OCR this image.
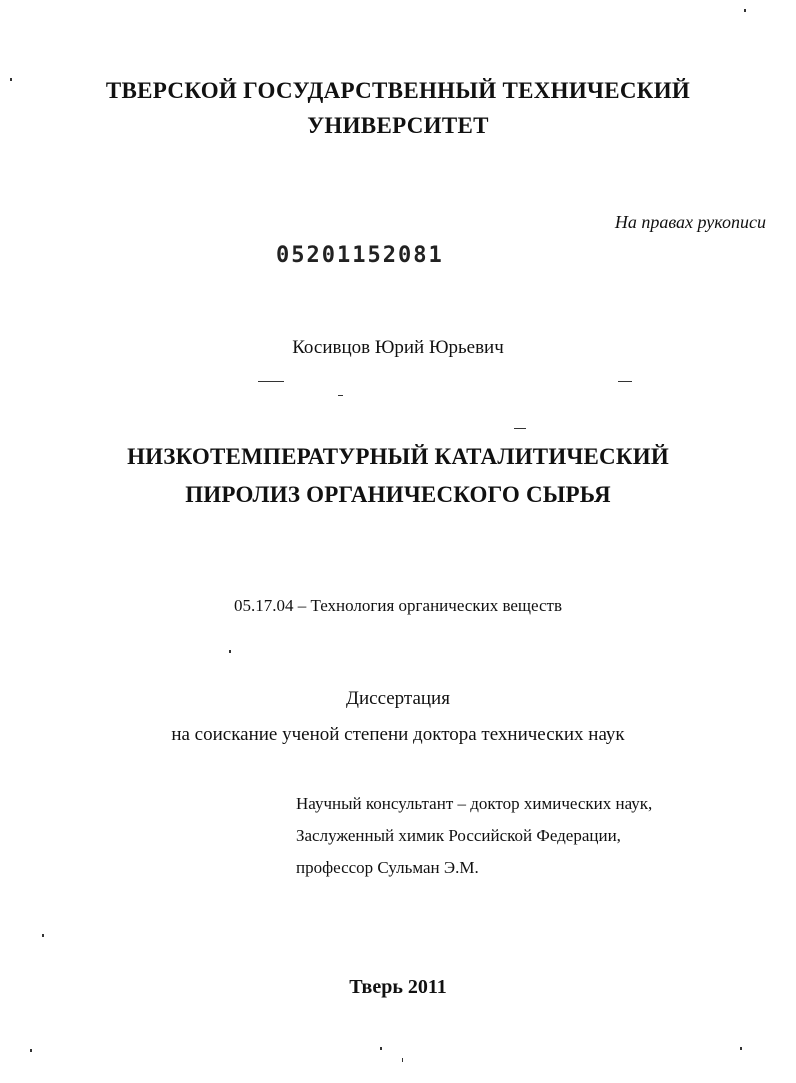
ТВЕРСКОЙ ГОСУДАРСТВЕННЫЙ ТЕХНИЧЕСКИЙ
УНИВЕРСИТЕТ
На правах рукописи
05201152081
Косивцов Юрий Юрьевич
НИЗКОТЕМПЕРАТУРНЫЙ КАТАЛИТИЧЕСКИЙ
ПИРОЛИЗ ОРГАНИЧЕСКОГО СЫРЬЯ
05.17.04 – Технология органических веществ
Диссертация
на соискание ученой степени доктора технических наук
Научный консультант – доктор химических наук,
Заслуженный химик Российской Федерации,
профессор Сульман Э.М.
Тверь 2011
